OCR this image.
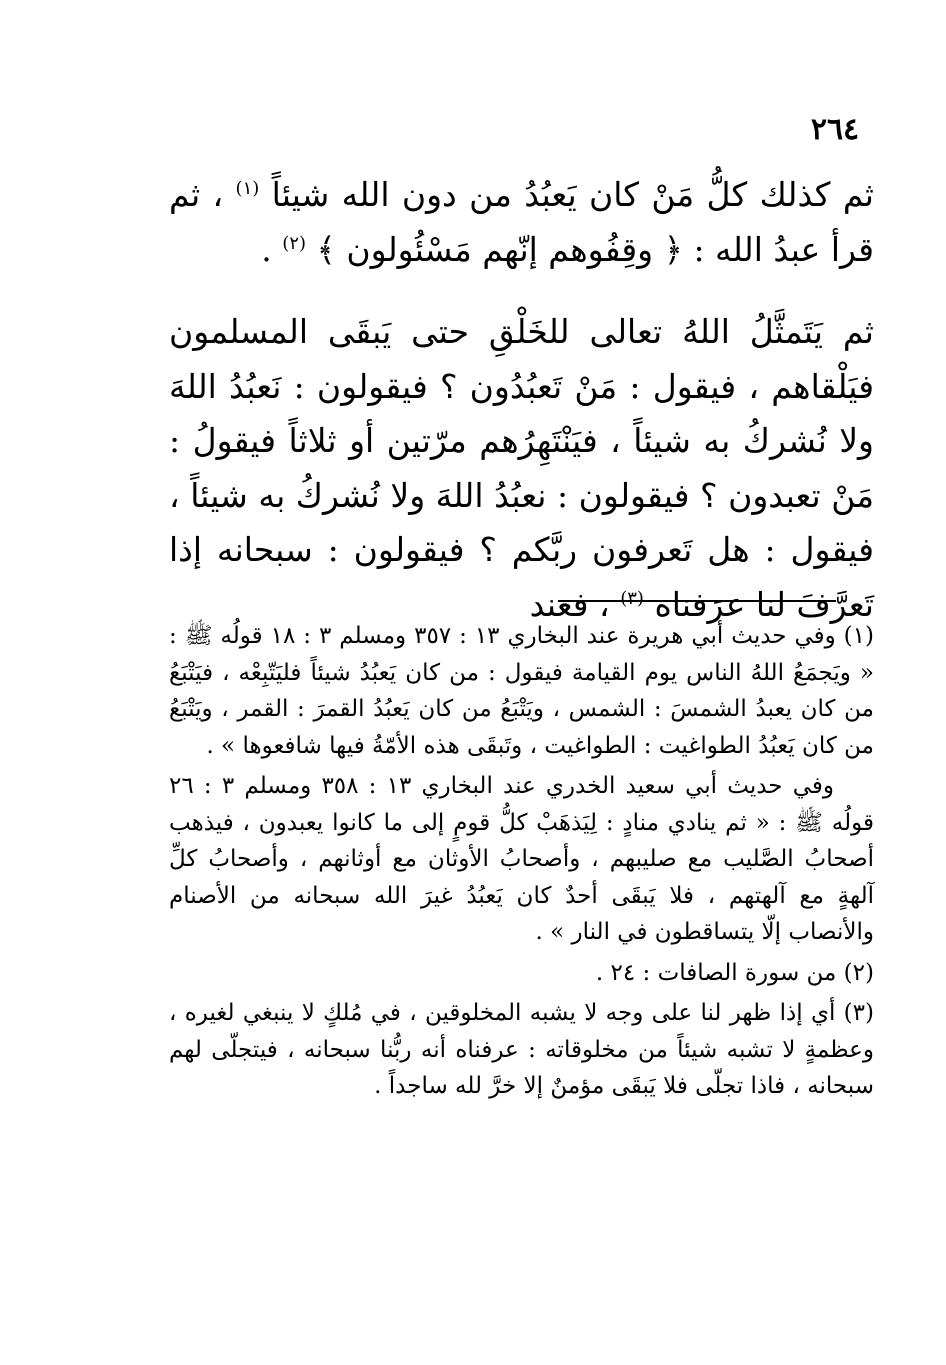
٢٦٤

ثم كذلك كلُّ مَنْ كان يَعبُدُ من دون الله شيئاً $^{(١)}$ ، ثم قرأ عبدُ الله : ﴿ وقِفُوهم إنّهم مَسْئُولون ﴾ $^{(٢)}$ .

ثم يَتَمثَّلُ اللهُ تعالى للخَلْقِ حتى يَبقَى المسلمون فيَلْقاهم ، فيقول : مَنْ تَعبُدُون ؟ فيقولون : نَعبُدُ اللهَ ولا نُشركُ به شيئاً ، فيَنْتَهِرُهم مرّتين أو ثلاثاً فيقولُ : مَنْ تعبدون ؟ فيقولون : نعبُدُ اللهَ ولا نُشركُ به شيئاً ، فيقول : هل تَعرفون ربَّكم ؟ فيقولون : سبحانه إذا تَعرَّفَ لنا عرَفناه $^{(٣)}$ ، فعند

(١) وفي حديث أبي هريرة عند البخاري ١٣ : ٣٥٧ ومسلم ٣ : ١٨ قولُه ﷺ : « ويَجمَعُ اللهُ الناس يوم القيامة فيقول : من كان يَعبُدُ شيئاً فليَتّبِعْه ، فيَتْبَعُ من كان يعبدُ الشمسَ : الشمس ، ويَتْبَعُ من كان يَعبُدُ القمرَ : القمر ، ويَتْبَعُ من كان يَعبُدُ الطواغيت : الطواغيت ، وتَبقَى هذه الأمّةُ فيها شافعوها » .

وفي حديث أبي سعيد الخدري عند البخاري ١٣ : ٣٥٨ ومسلم ٣ : ٢٦ قولُه ﷺ : « ثم ينادي منادٍ : لِيَذهَبْ كلُّ قومٍ إلى ما كانوا يعبدون ، فيذهب أصحابُ الصَّليب مع صليبهم ، وأصحابُ الأوثان مع أوثانهم ، وأصحابُ كلِّ آلهةٍ مع آلهتهم ، فلا يَبقَى أحدٌ كان يَعبُدُ غيرَ الله سبحانه من الأصنام والأنصاب إلّا يتساقطون في النار » .

(٢) من سورة الصافات : ٢٤ .

(٣) أي إذا ظهر لنا على وجه لا يشبه المخلوقين ، في مُلكٍ لا ينبغي لغيره ، وعظمةٍ لا تشبه شيئاً من مخلوقاته : عرفناه أنه ربُّنا سبحانه ، فيتجلّى لهم سبحانه ، فاذا تجلّى فلا يَبقَى مؤمنٌ إلا خرَّ لله ساجداً .
